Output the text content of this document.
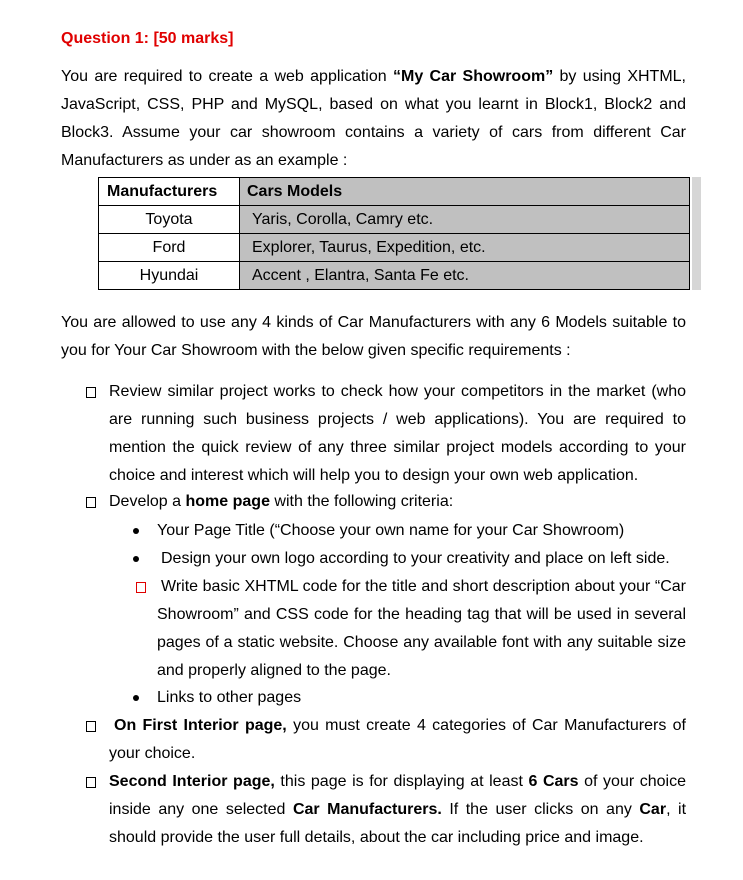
Question 1: [50 marks]
You are required to create a web application “My Car Showroom” by using XHTML, JavaScript, CSS, PHP and MySQL, based on what you learnt in Block1, Block2 and Block3. Assume your car showroom contains a variety of cars from different Car Manufacturers as under as an example :
Manufacturers	Cars Models
Toyota	Yaris, Corolla, Camry etc.
Ford	Explorer, Taurus, Expedition, etc.
Hyundai	Accent , Elantra, Santa Fe etc.
You are allowed to use any 4 kinds of Car Manufacturers with any 6 Models suitable to you for Your Car Showroom with the below given specific requirements :
Review similar project works to check how your competitors in the market (who are running such business projects / web applications). You are required to mention the quick review of any three similar project models according to your choice and interest which will help you to design your own web application.
Develop a home page with the following criteria:
Your Page Title (“Choose your own name for your Car Showroom)
Design your own logo according to your creativity and place on left side.
Write basic XHTML code for the title and short description about your “Car Showroom” and CSS code for the heading tag that will be used in several pages of a static website. Choose any available font with any suitable size and properly aligned to the page.
Links to other pages
On First Interior page, you must create 4 categories of Car Manufacturers of your choice.
Second Interior page, this page is for displaying at least 6 Cars of your choice inside any one selected Car Manufacturers. If the user clicks on any Car, it should provide the user full details, about the car including price and image.
